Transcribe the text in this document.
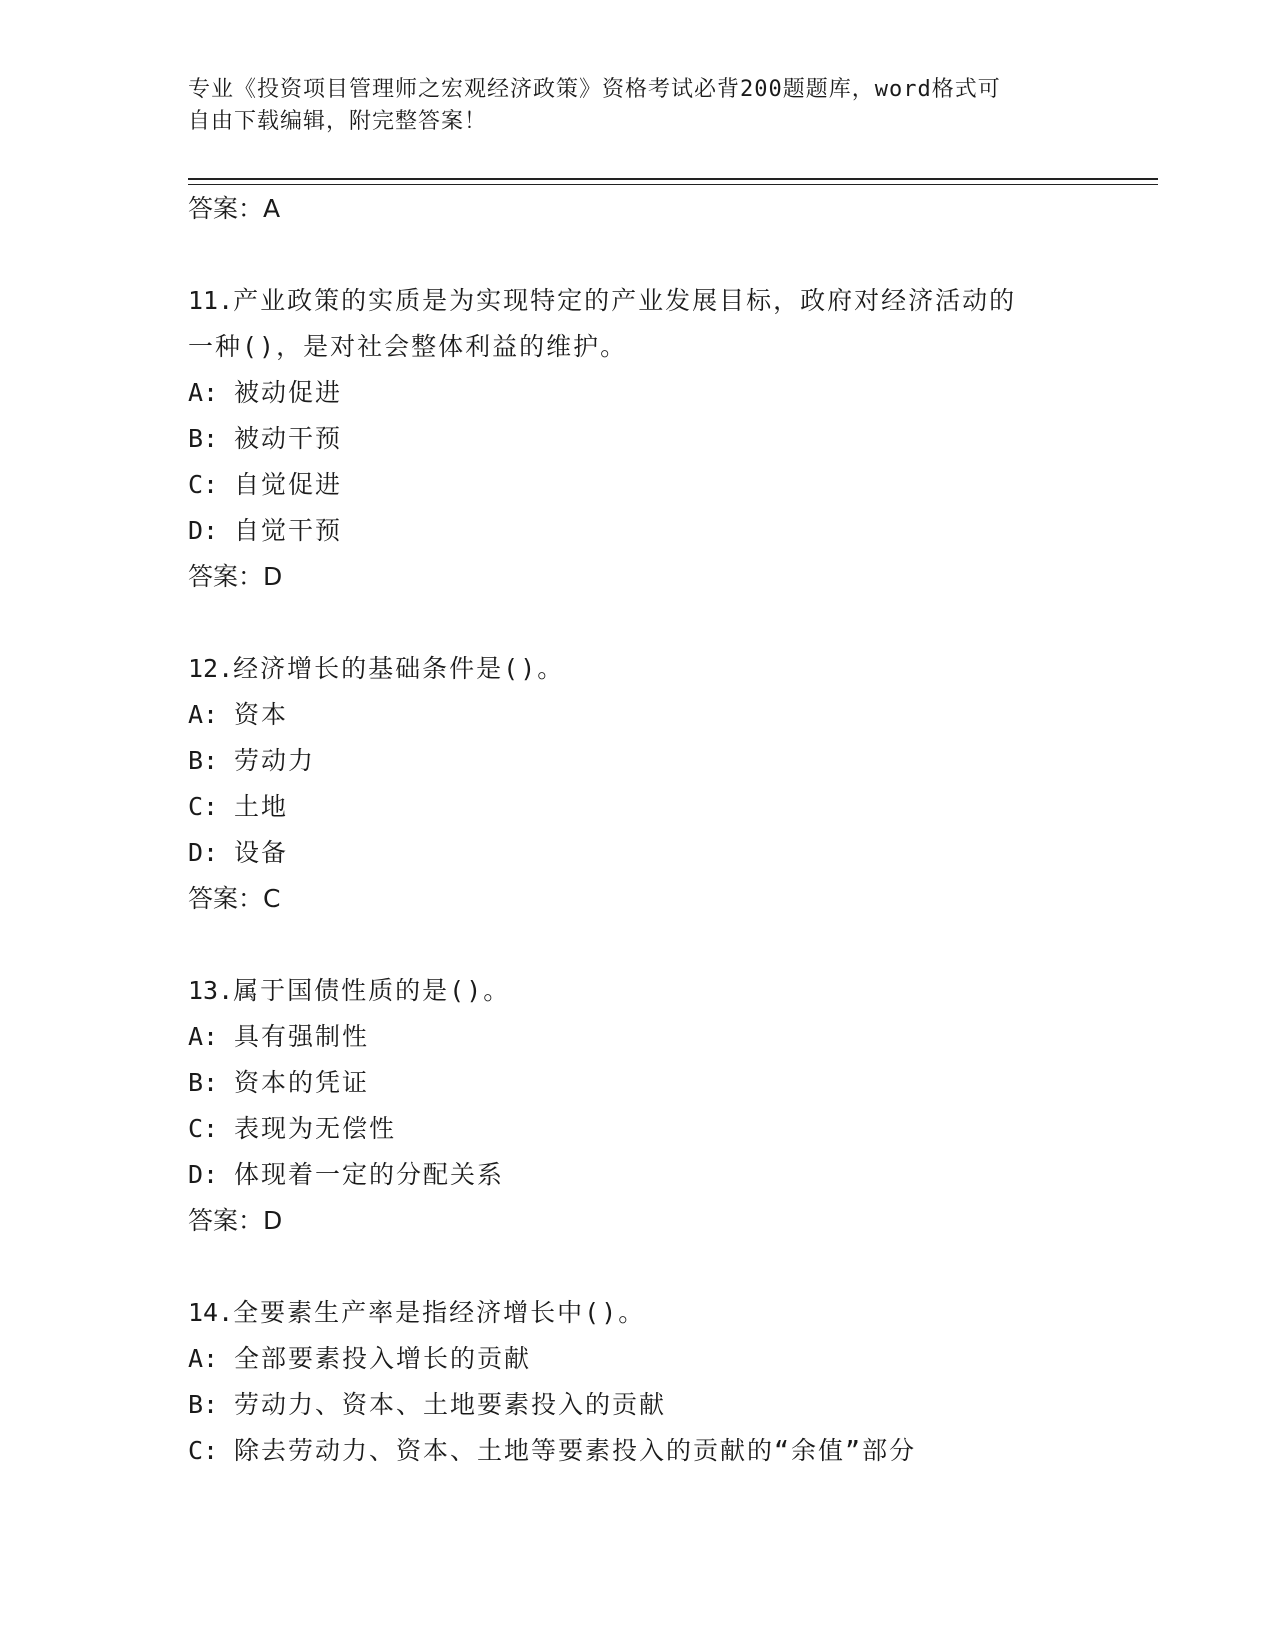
专业《投资项目管理师之宏观经济政策》资格考试必背200题题库，word格式可

自由下载编辑，附完整答案！

答案：A

11.产业政策的实质是为实现特定的产业发展目标，政府对经济活动的

一种()，是对社会整体利益的维护。

A: 被动促进

B: 被动干预

C: 自觉促进

D: 自觉干预

答案：D

12.经济增长的基础条件是()。

A: 资本

B: 劳动力

C: 土地

D: 设备

答案：C

13.属于国债性质的是()。

A: 具有强制性

B: 资本的凭证

C: 表现为无偿性

D: 体现着一定的分配关系

答案：D

14.全要素生产率是指经济增长中()。

A: 全部要素投入增长的贡献

B: 劳动力、资本、土地要素投入的贡献

C: 除去劳动力、资本、土地等要素投入的贡献的“余值”部分
